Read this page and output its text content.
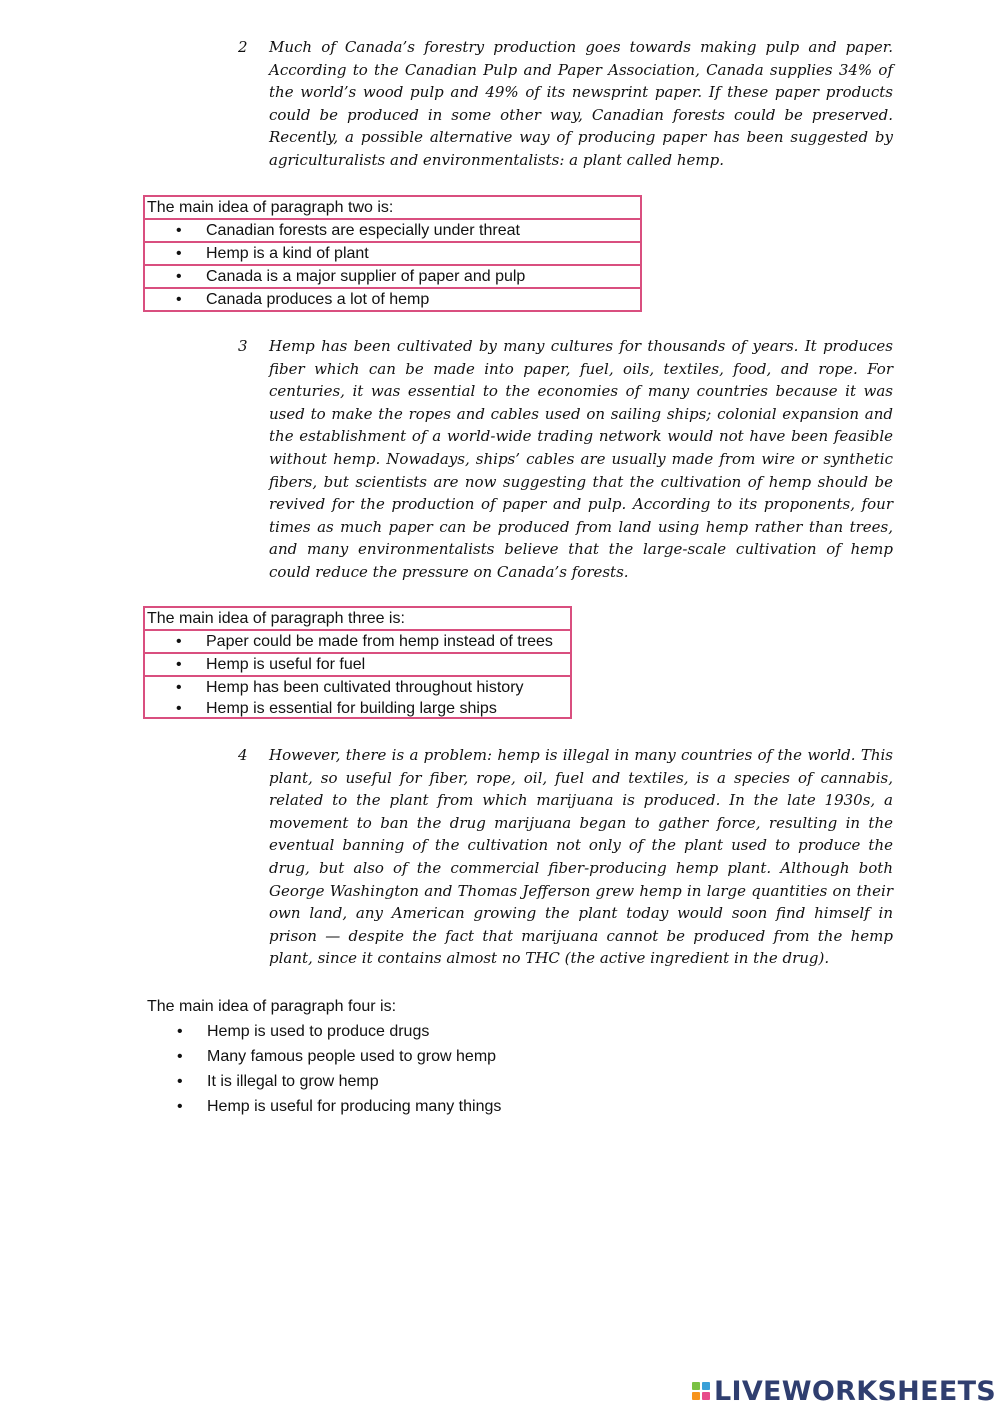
2	Much of Canada’s forestry production goes towards making pulp and paper. According to the Canadian Pulp and Paper Association, Canada supplies 34% of the world’s wood pulp and 49% of its newsprint paper. If these paper products could be produced in some other way, Canadian forests could be preserved. Recently, a possible alternative way of producing paper has been suggested by agriculturalists and environmentalists: a plant called hemp.
The main idea of paragraph two is:
• Canadian forests are especially under threat
• Hemp is a kind of plant
• Canada is a major supplier of paper and pulp
• Canada produces a lot of hemp
3	Hemp has been cultivated by many cultures for thousands of years. It produces fiber which can be made into paper, fuel, oils, textiles, food, and rope. For centuries, it was essential to the economies of many countries because it was used to make the ropes and cables used on sailing ships; colonial expansion and the establishment of a world-wide trading network would not have been feasible without hemp. Nowadays, ships’ cables are usually made from wire or synthetic fibers, but scientists are now suggesting that the cultivation of hemp should be revived for the production of paper and pulp. According to its proponents, four times as much paper can be produced from land using hemp rather than trees, and many environmentalists believe that the large-scale cultivation of hemp could reduce the pressure on Canada’s forests.
The main idea of paragraph three is:
• Paper could be made from hemp instead of trees
• Hemp is useful for fuel
• Hemp has been cultivated throughout history
• Hemp is essential for building large ships
4	However, there is a problem: hemp is illegal in many countries of the world. This plant, so useful for fiber, rope, oil, fuel and textiles, is a species of cannabis, related to the plant from which marijuana is produced. In the late 1930s, a movement to ban the drug marijuana began to gather force, resulting in the eventual banning of the cultivation not only of the plant used to produce the drug, but also of the commercial fiber-producing hemp plant. Although both George Washington and Thomas Jefferson grew hemp in large quantities on their own land, any American growing the plant today would soon find himself in prison — despite the fact that marijuana cannot be produced from the hemp plant, since it contains almost no THC (the active ingredient in the drug).
The main idea of paragraph four is:
• Hemp is used to produce drugs
• Many famous people used to grow hemp
• It is illegal to grow hemp
• Hemp is useful for producing many things
LIVEWORKSHEETS
